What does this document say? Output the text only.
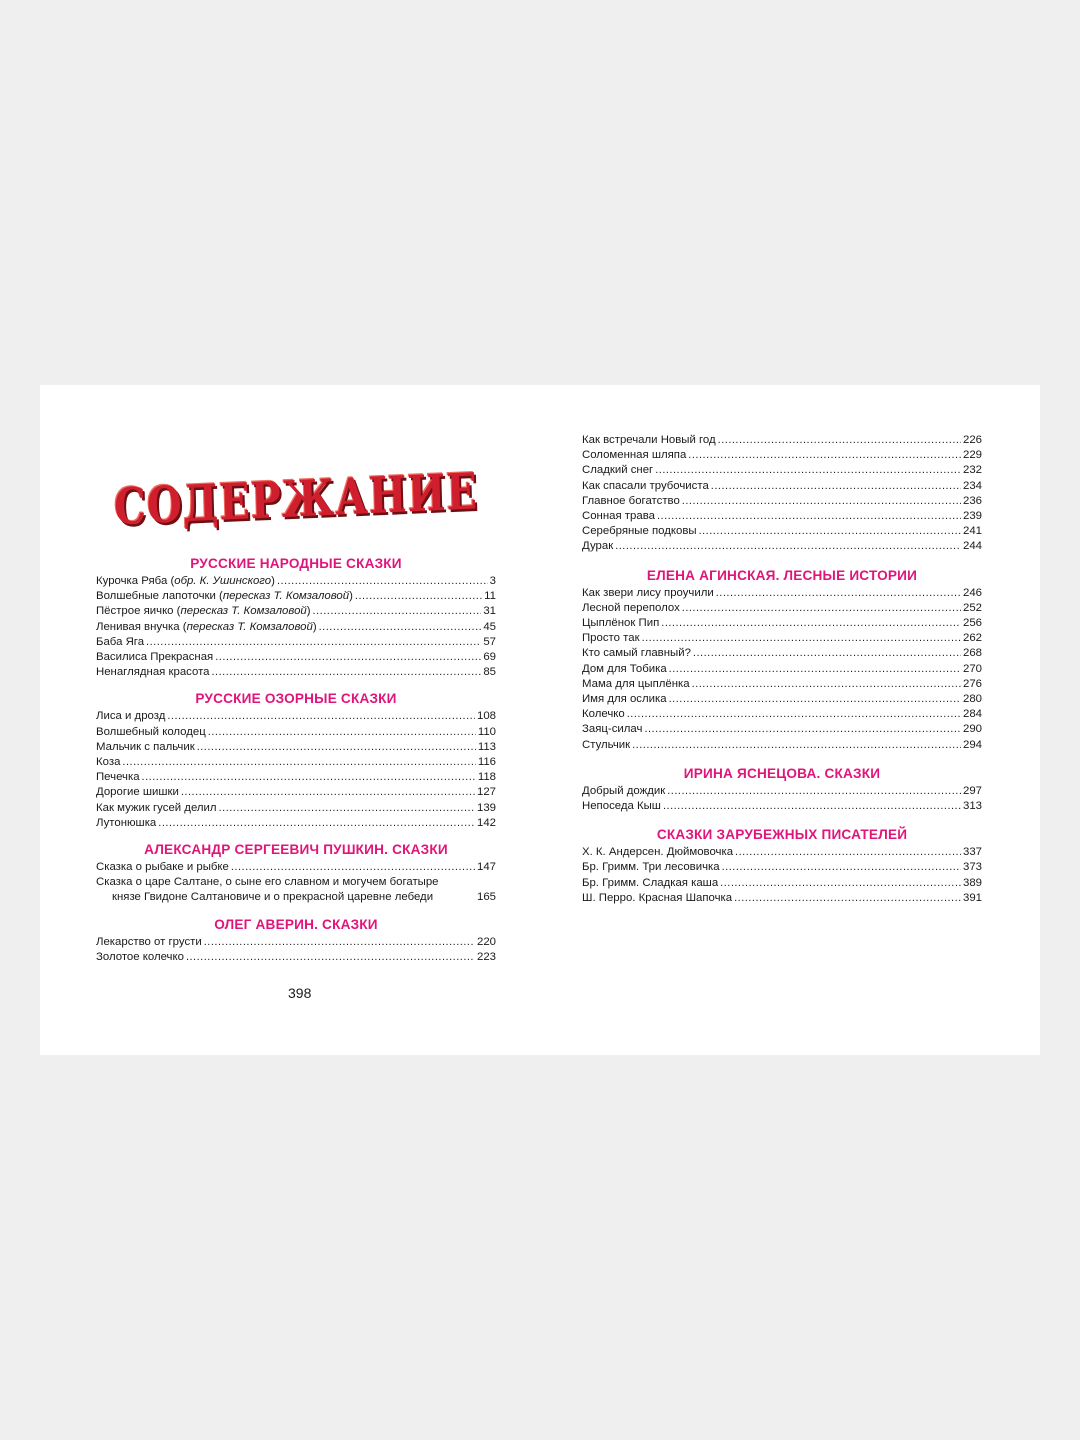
СОДЕРЖАНИЕ
РУССКИЕ НАРОДНЫЕ СКАЗКИ
Курочка Ряба (обр. К. Ушинского) .....	3
Волшебные лапоточки (пересказ Т. Комзаловой) .....	11
Пёстрое яичко (пересказ Т. Комзаловой) .....	31
Ленивая внучка (пересказ Т. Комзаловой) .....	45
Баба Яга .....	57
Василиса Прекрасная .....	69
Ненаглядная красота .....	85
РУССКИЕ ОЗОРНЫЕ СКАЗКИ
Лиса и дрозд .....	108
Волшебный колодец .....	110
Мальчик с пальчик .....	113
Коза .....	116
Печечка .....	118
Дорогие шишки .....	127
Как мужик гусей делил .....	139
Лутонюшка .....	142
АЛЕКСАНДР СЕРГЕЕВИЧ ПУШКИН. СКАЗКИ
Сказка о рыбаке и рыбке .....	147
Сказка о царе Салтане, о сыне его славном и могучем богатыре
князе Гвидоне Салтановиче и о прекрасной царевне лебеди	165
ОЛЕГ АВЕРИН. СКАЗКИ
Лекарство от грусти .....	220
Золотое колечко .....	223
398
Как встречали Новый год .....	226
Соломенная шляпа .....	229
Сладкий снег .....	232
Как спасали трубочиста .....	234
Главное богатство .....	236
Сонная трава .....	239
Серебряные подковы .....	241
Дурак .....	244
ЕЛЕНА АГИНСКАЯ. ЛЕСНЫЕ ИСТОРИИ
Как звери лису проучили .....	246
Лесной переполох .....	252
Цыплёнок Пип .....	256
Просто так .....	262
Кто самый главный? .....	268
Дом для Тобика .....	270
Мама для цыплёнка .....	276
Имя для ослика .....	280
Колечко .....	284
Заяц-силач .....	290
Стульчик .....	294
ИРИНА ЯСНЕЦОВА. СКАЗКИ
Добрый дождик .....	297
Непоседа Кыш .....	313
СКАЗКИ ЗАРУБЕЖНЫХ ПИСАТЕЛЕЙ
Х. К. Андерсен. Дюймовочка .....	337
Бр. Гримм. Три лесовичка .....	373
Бр. Гримм. Сладкая каша .....	389
Ш. Перро. Красная Шапочка .....	391
